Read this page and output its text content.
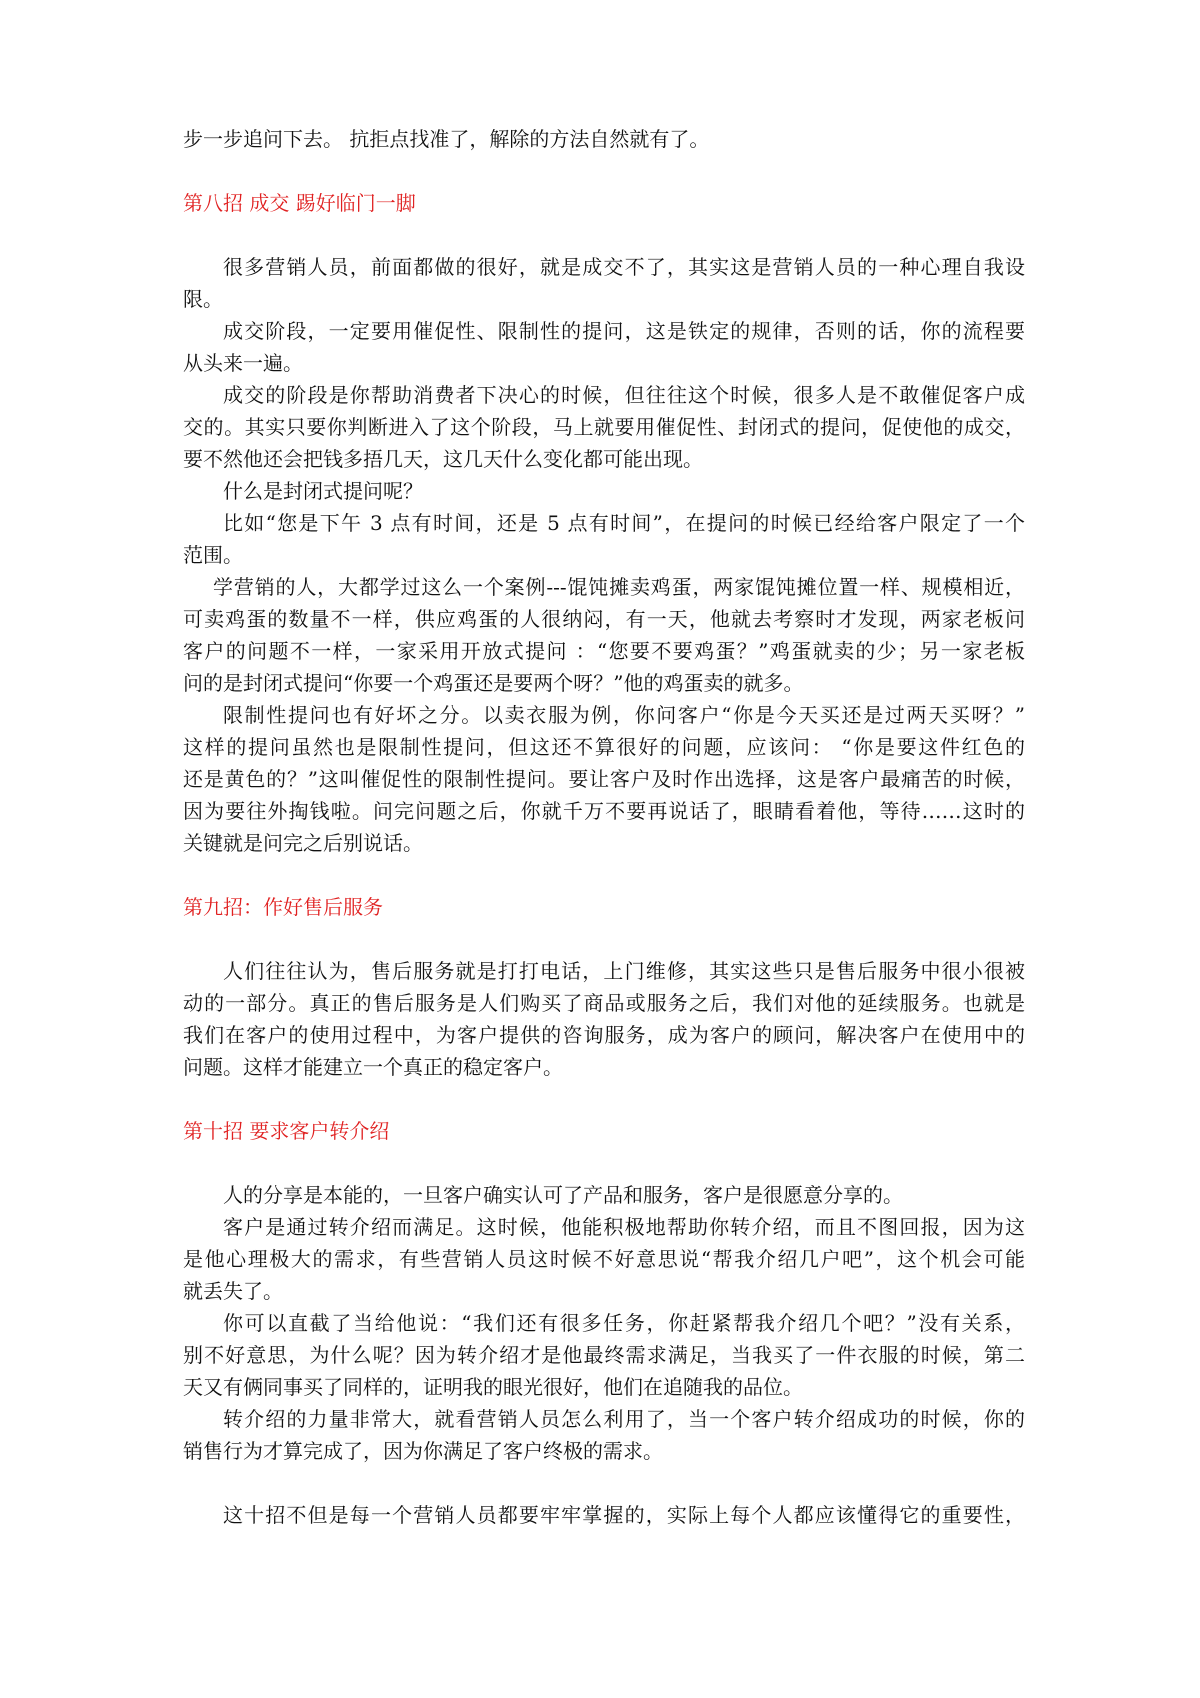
步一步追问下去。 抗拒点找准了，解除的方法自然就有了。
第八招 成交 踢好临门一脚
很多营销人员，前面都做的很好，就是成交不了，其实这是营销人员的一种心理自我设
限。
成交阶段，一定要用催促性、限制性的提问，这是铁定的规律，否则的话，你的流程要
从头来一遍。
成交的阶段是你帮助消费者下决心的时候，但往往这个时候，很多人是不敢催促客户成
交的。其实只要你判断进入了这个阶段，马上就要用催促性、封闭式的提问，促使他的成交，
要不然他还会把钱多捂几天，这几天什么变化都可能出现。
什么是封闭式提问呢？
比如“您是下午 3 点有时间，还是 5 点有时间”，在提问的时候已经给客户限定了一个
范围。
学营销的人，大都学过这么一个案例---馄饨摊卖鸡蛋，两家馄饨摊位置一样、规模相近，
可卖鸡蛋的数量不一样，供应鸡蛋的人很纳闷，有一天，他就去考察时才发现，两家老板问
客户的问题不一样，一家采用开放式提问 ：“您要不要鸡蛋？”鸡蛋就卖的少；另一家老板
问的是封闭式提问“你要一个鸡蛋还是要两个呀？”他的鸡蛋卖的就多。
限制性提问也有好坏之分。以卖衣服为例，你问客户“你是今天买还是过两天买呀？”
这样的提问虽然也是限制性提问，但这还不算很好的问题，应该问： “你是要这件红色的
还是黄色的？”这叫催促性的限制性提问。要让客户及时作出选择，这是客户最痛苦的时候，
因为要往外掏钱啦。问完问题之后，你就千万不要再说话了，眼睛看着他，等待……这时的
关键就是问完之后别说话。
第九招：作好售后服务
人们往往认为，售后服务就是打打电话，上门维修，其实这些只是售后服务中很小很被
动的一部分。真正的售后服务是人们购买了商品或服务之后，我们对他的延续服务。也就是
我们在客户的使用过程中，为客户提供的咨询服务，成为客户的顾问，解决客户在使用中的
问题。这样才能建立一个真正的稳定客户。
第十招 要求客户转介绍
人的分享是本能的，一旦客户确实认可了产品和服务，客户是很愿意分享的。
客户是通过转介绍而满足。这时候，他能积极地帮助你转介绍，而且不图回报，因为这
是他心理极大的需求，有些营销人员这时候不好意思说“帮我介绍几户吧”，这个机会可能
就丢失了。
你可以直截了当给他说：“我们还有很多任务，你赶紧帮我介绍几个吧？”没有关系，
别不好意思，为什么呢？因为转介绍才是他最终需求满足，当我买了一件衣服的时候，第二
天又有俩同事买了同样的，证明我的眼光很好，他们在追随我的品位。
转介绍的力量非常大，就看营销人员怎么利用了，当一个客户转介绍成功的时候，你的
销售行为才算完成了，因为你满足了客户终极的需求。
这十招不但是每一个营销人员都要牢牢掌握的，实际上每个人都应该懂得它的重要性，
